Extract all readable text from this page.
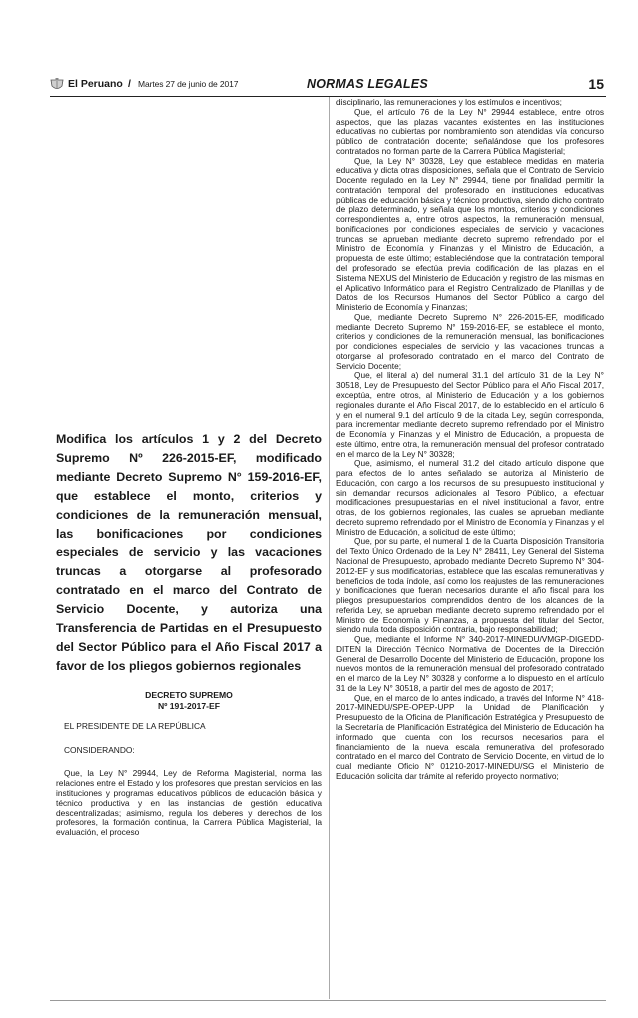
El Peruano / Martes 27 de junio de 2017	NORMAS LEGALES	15
Modifica los artículos 1 y 2 del Decreto Supremo Nº 226-2015-EF, modificado mediante Decreto Supremo N° 159-2016-EF, que establece el monto, criterios y condiciones de la remuneración mensual, las bonificaciones por condiciones especiales de servicio y las vacaciones truncas a otorgarse al profesorado contratado en el marco del Contrato de Servicio Docente, y autoriza una Transferencia de Partidas en el Presupuesto del Sector Público para el Año Fiscal 2017 a favor de los pliegos gobiernos regionales

DECRETO SUPREMO

Nº 191-2017-EF

EL PRESIDENTE DE LA REPÚBLICA

CONSIDERANDO:

Que, la Ley N° 29944, Ley de Reforma Magisterial, norma las relaciones entre el Estado y los profesores que prestan servicios en las instituciones y programas educativos públicos de educación básica y técnico productiva y en las instancias de gestión educativa descentralizadas; asimismo, regula los deberes y derechos de los profesores, la formación continua, la Carrera Pública Magisterial, la evaluación, el proceso

disciplinario, las remuneraciones y los estímulos e incentivos;

Que, el artículo 76 de la Ley N° 29944 establece, entre otros aspectos, que las plazas vacantes existentes en las instituciones educativas no cubiertas por nombramiento son atendidas vía concurso público de contratación docente; señalándose que los profesores contratados no forman parte de la Carrera Pública Magisterial;

Que, la Ley N° 30328, Ley que establece medidas en materia educativa y dicta otras disposiciones, señala que el Contrato de Servicio Docente regulado en la Ley N° 29944, tiene por finalidad permitir la contratación temporal del profesorado en instituciones educativas públicas de educación básica y técnico productiva, siendo dicho contrato de plazo determinado, y señala que los montos, criterios y condiciones correspondientes a, entre otros aspectos, la remuneración mensual, bonificaciones por condiciones especiales de servicio y vacaciones truncas se aprueban mediante decreto supremo refrendado por el Ministro de Economía y Finanzas y el Ministro de Educación, a propuesta de este último; estableciéndose que la contratación temporal del profesorado se efectúa previa codificación de las plazas en el Sistema NEXUS del Ministerio de Educación y registro de las mismas en el Aplicativo Informático para el Registro Centralizado de Planillas y de Datos de los Recursos Humanos del Sector Público a cargo del Ministerio de Economía y Finanzas;

Que, mediante Decreto Supremo N° 226-2015-EF, modificado mediante Decreto Supremo N° 159-2016-EF, se establece el monto, criterios y condiciones de la remuneración mensual, las bonificaciones por condiciones especiales de servicio y las vacaciones truncas a otorgarse al profesorado contratado en el marco del Contrato de Servicio Docente;

Que, el literal a) del numeral 31.1 del artículo 31 de la Ley N° 30518, Ley de Presupuesto del Sector Público para el Año Fiscal 2017, exceptúa, entre otros, al Ministerio de Educación y a los gobiernos regionales durante el Año Fiscal 2017, de lo establecido en el artículo 6 y en el numeral 9.1 del artículo 9 de la citada Ley, según corresponda, para incrementar mediante decreto supremo refrendado por el Ministro de Economía y Finanzas y el Ministro de Educación, a propuesta de este último, entre otra, la remuneración mensual del profesor contratado en el marco de la Ley N° 30328;

Que, asimismo, el numeral 31.2 del citado artículo dispone que para efectos de lo antes señalado se autoriza al Ministerio de Educación, con cargo a los recursos de su presupuesto institucional y sin demandar recursos adicionales al Tesoro Público, a efectuar modificaciones presupuestarias en el nivel institucional a favor, entre otras, de los gobiernos regionales, las cuales se aprueban mediante decreto supremo refrendado por el Ministro de Economía y Finanzas y el Ministro de Educación, a solicitud de este último;

Que, por su parte, el numeral 1 de la Cuarta Disposición Transitoria del Texto Único Ordenado de la Ley N° 28411, Ley General del Sistema Nacional de Presupuesto, aprobado mediante Decreto Supremo N° 304-2012-EF y sus modificatorias, establece que las escalas remunerativas y beneficios de toda índole, así como los reajustes de las remuneraciones y bonificaciones que fueran necesarios durante el año fiscal para los pliegos presupuestarios comprendidos dentro de los alcances de la referida Ley, se aprueban mediante decreto supremo refrendado por el Ministro de Economía y Finanzas, a propuesta del titular del Sector, siendo nula toda disposición contraria, bajo responsabilidad;

Que, mediante el Informe N° 340-2017-MINEDU/VMGP-DIGEDD-DITEN la Dirección Técnico Normativa de Docentes de la Dirección General de Desarrollo Docente del Ministerio de Educación, propone los nuevos montos de la remuneración mensual del profesorado contratado en el marco de la Ley N° 30328 y conforme a lo dispuesto en el artículo 31 de la Ley N° 30518, a partir del mes de agosto de 2017;

Que, en el marco de lo antes indicado, a través del Informe N° 418-2017-MINEDU/SPE-OPEP-UPP la Unidad de Planificación y Presupuesto de la Oficina de Planificación Estratégica y Presupuesto de la Secretaría de Planificación Estratégica del Ministerio de Educación ha informado que cuenta con los recursos necesarios para el financiamiento de la nueva escala remunerativa del profesorado contratado en el marco del Contrato de Servicio Docente, en virtud de lo cual mediante Oficio N° 01210-2017-MINEDU/SG el Ministerio de Educación solicita dar trámite al referido proyecto normativo;
